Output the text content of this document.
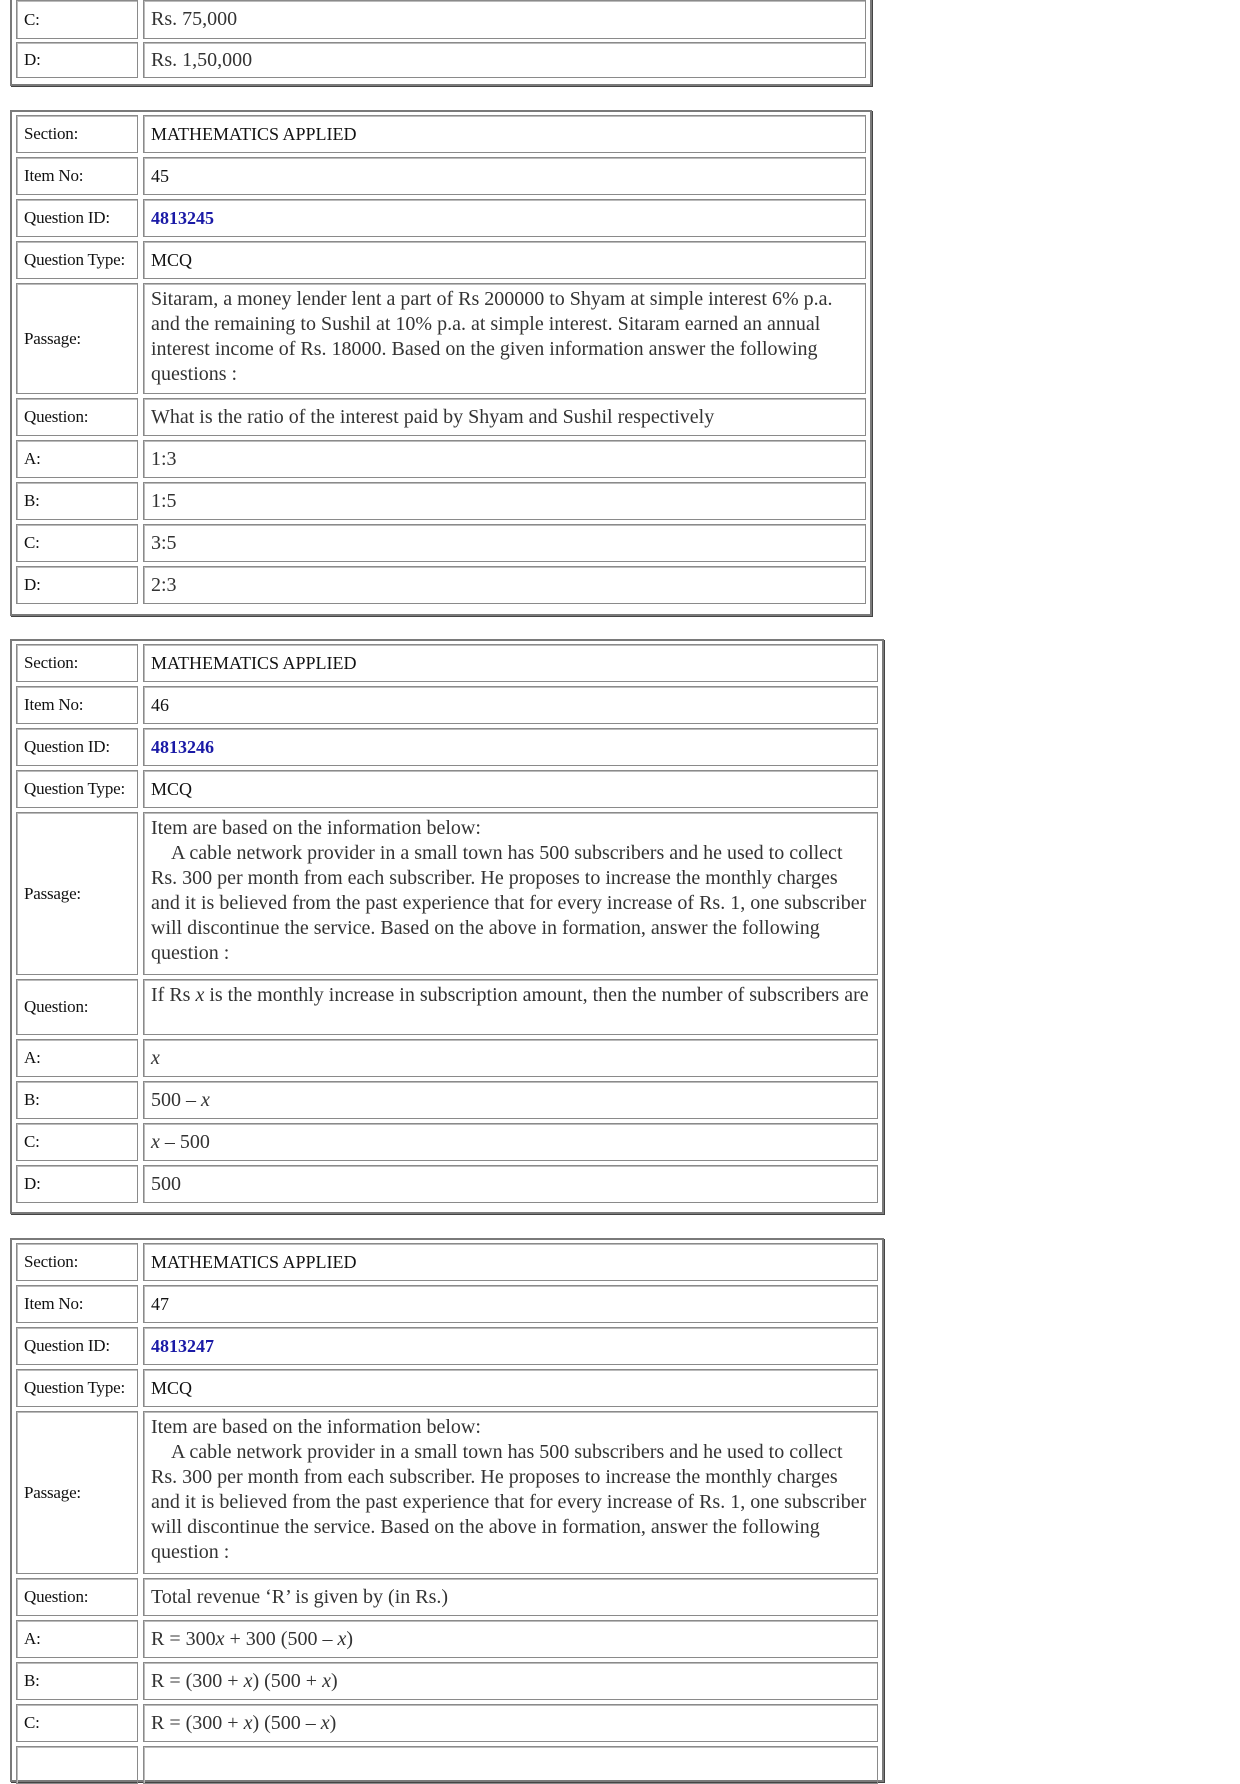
C:	Rs. 75,000
D:	Rs. 1,50,000
Section:	MATHEMATICS APPLIED
Item No:	45
Question ID:	4813245
Question Type:	MCQ
Passage:
Sitaram, a money lender lent a part of Rs 200000 to Shyam at simple interest 6% p.a. and the remaining to Sushil at 10% p.a. at simple interest. Sitaram earned an annual interest income of Rs. 18000. Based on the given information answer the following questions :
Question:	What is the ratio of the interest paid by Shyam and Sushil respectively
A:	1:3
B:	1:5
C:	3:5
D:	2:3
Section:	MATHEMATICS APPLIED
Item No:	46
Question ID:	4813246
Question Type:	MCQ
Passage:
Item are based on the information below:
A cable network provider in a small town has 500 subscribers and he used to collect Rs. 300 per month from each subscriber. He proposes to increase the monthly charges and it is believed from the past experience that for every increase of Rs. 1, one subscriber will discontinue the service. Based on the above in formation, answer the following question :
Question:
If Rs x is the monthly increase in subscription amount, then the number of subscribers are
A:	x
B:	500 – x
C:	x – 500
D:	500
Section:	MATHEMATICS APPLIED
Item No:	47
Question ID:	4813247
Question Type:	MCQ
Passage:
Item are based on the information below:
A cable network provider in a small town has 500 subscribers and he used to collect Rs. 300 per month from each subscriber. He proposes to increase the monthly charges and it is believed from the past experience that for every increase of Rs. 1, one subscriber will discontinue the service. Based on the above in formation, answer the following question :
Question:	Total revenue ‘R’ is given by (in Rs.)
A:	R = 300 x + 300 (500 – x )
B:	R = (300 + x ) (500 + x )
C:	R = (300 + x ) (500 – x )
